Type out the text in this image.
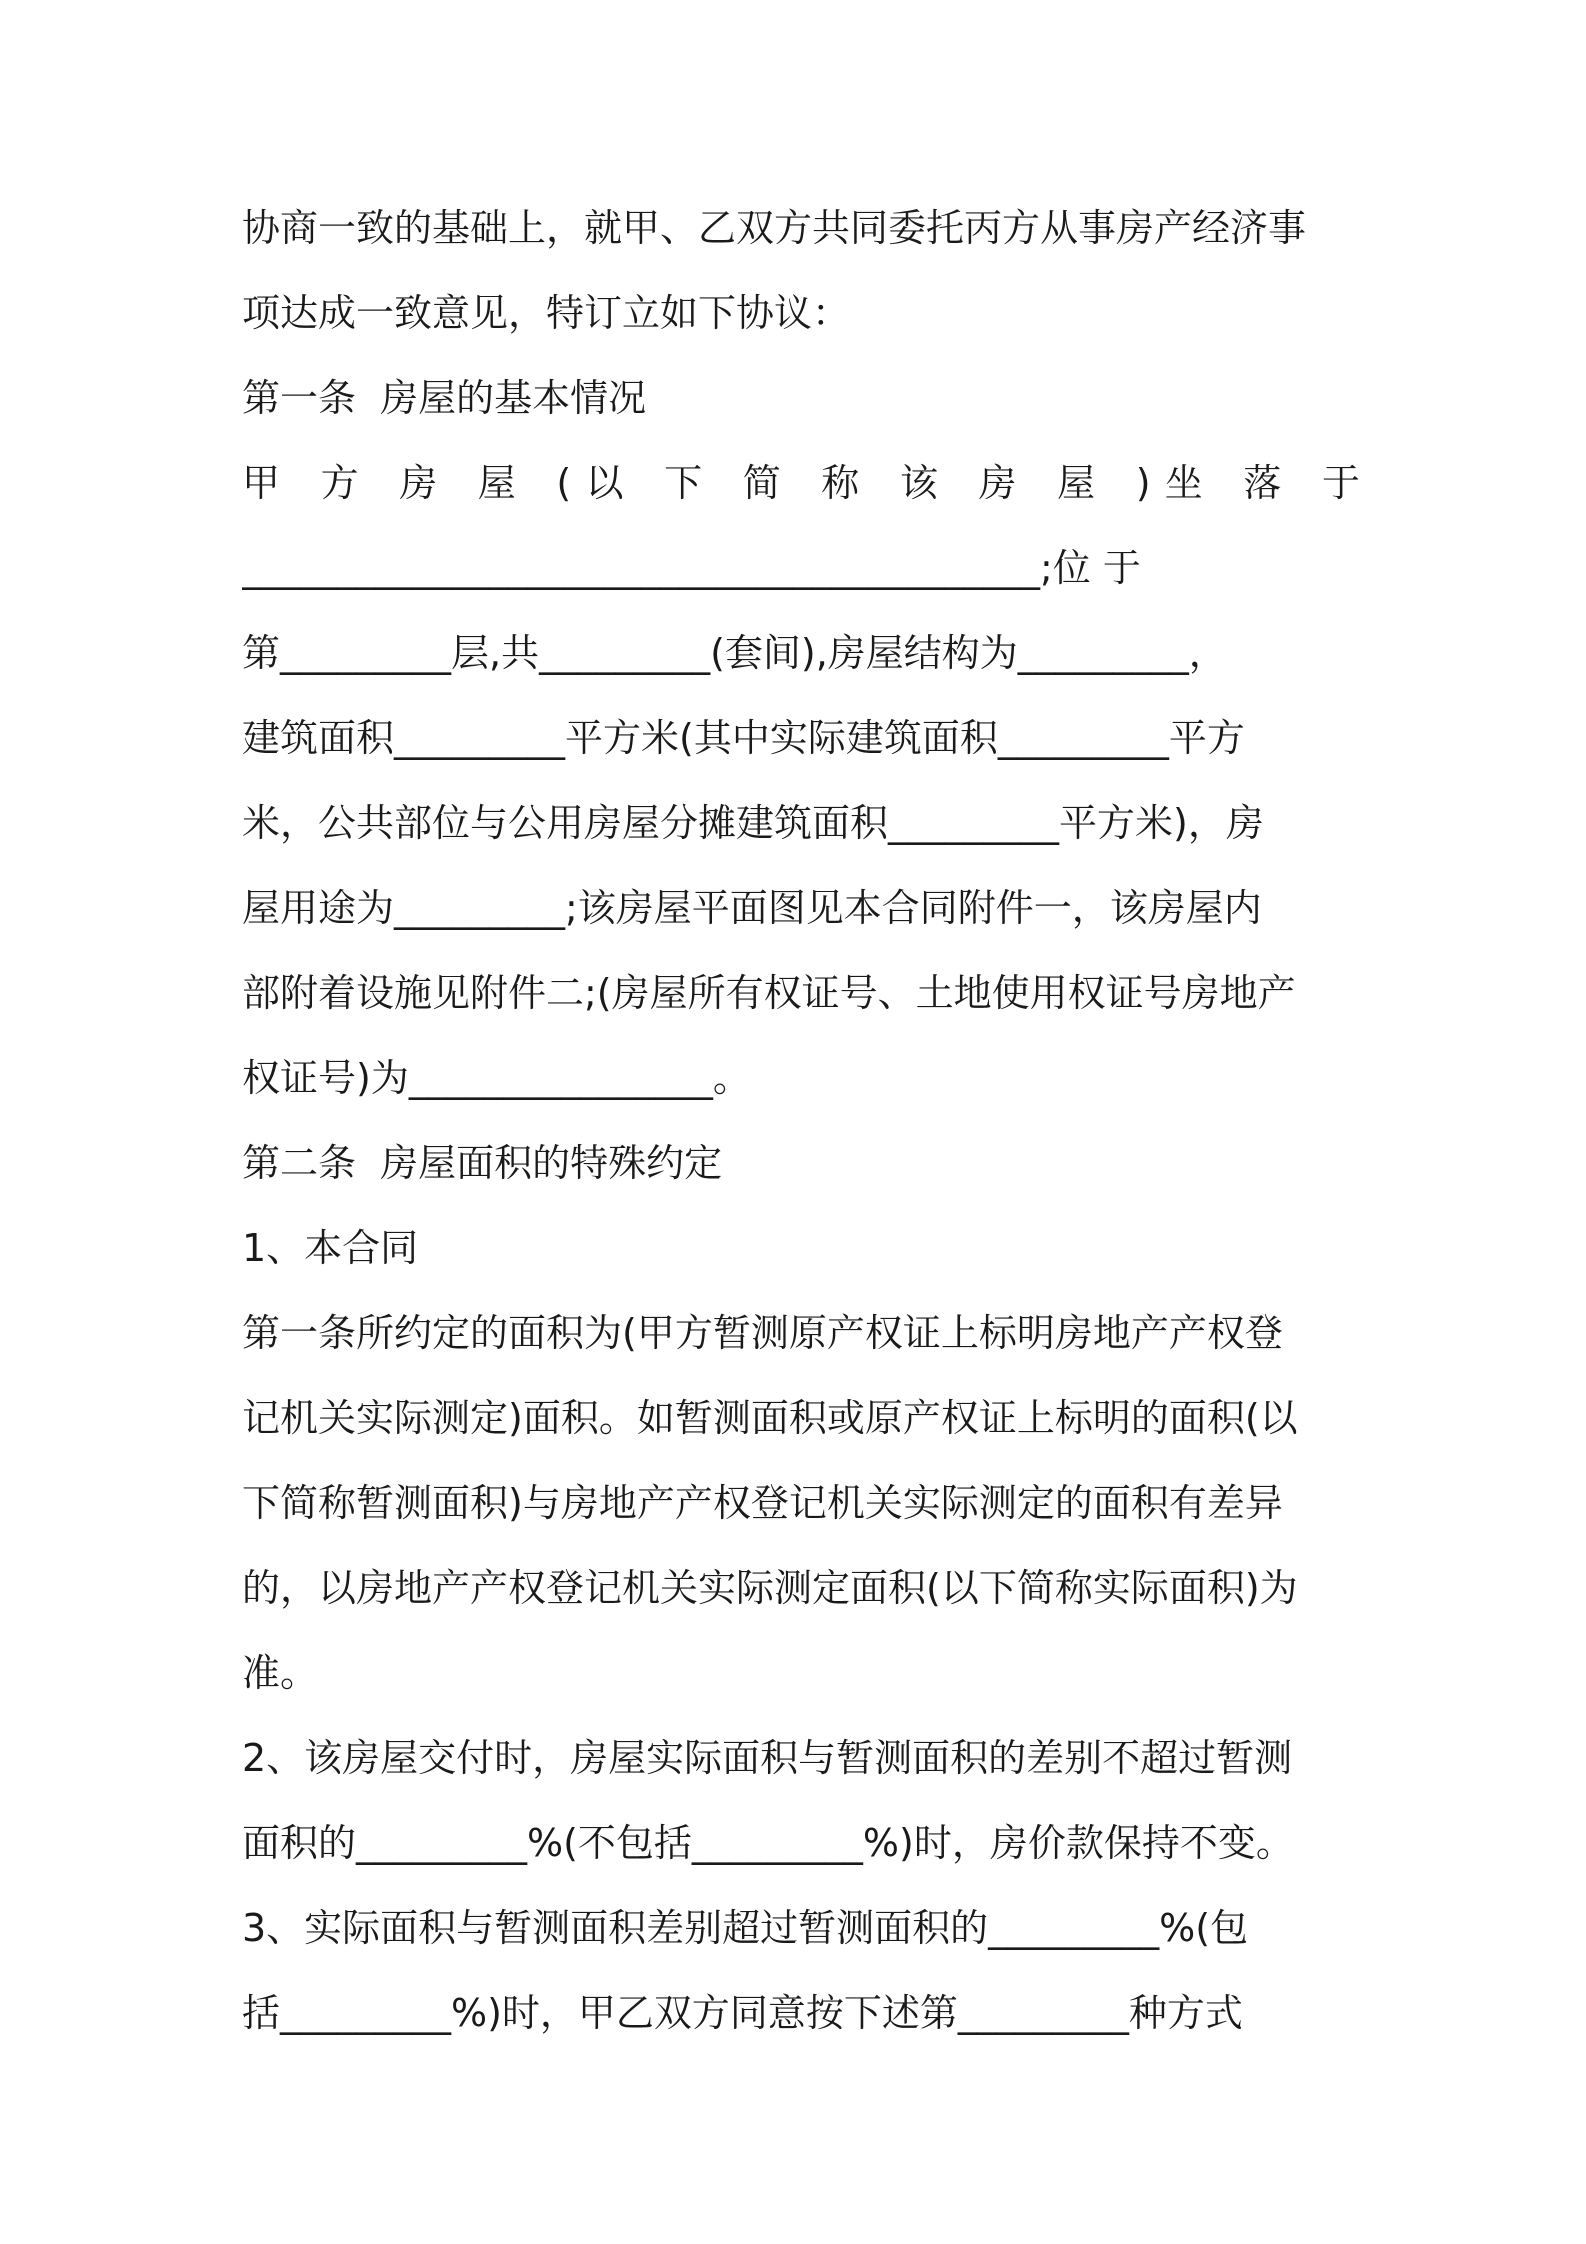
协商一致的基础上，就甲、乙双方共同委托丙方从事房产经济事
项达成一致意见，特订立如下协议：
第一条  房屋的基本情况
甲 方 房 屋 (以 下 简 称 该 房 屋 )坐 落 于
__________________________________________;位 于
第_________层,共_________(套间),房屋结构为_________，
建筑面积_________平方米(其中实际建筑面积_________平方
米，公共部位与公用房屋分摊建筑面积_________平方米)，房
屋用途为_________;该房屋平面图见本合同附件一，该房屋内
部附着设施见附件二;(房屋所有权证号、土地使用权证号房地产
权证号)为________________。
第二条  房屋面积的特殊约定
1、本合同
第一条所约定的面积为(甲方暂测原产权证上标明房地产产权登
记机关实际测定)面积。如暂测面积或原产权证上标明的面积(以
下简称暂测面积)与房地产产权登记机关实际测定的面积有差异
的，以房地产产权登记机关实际测定面积(以下简称实际面积)为
准。
2、该房屋交付时，房屋实际面积与暂测面积的差别不超过暂测
面积的_________%(不包括_________%)时，房价款保持不变。
3、实际面积与暂测面积差别超过暂测面积的_________%(包
括_________%)时，甲乙双方同意按下述第_________种方式
